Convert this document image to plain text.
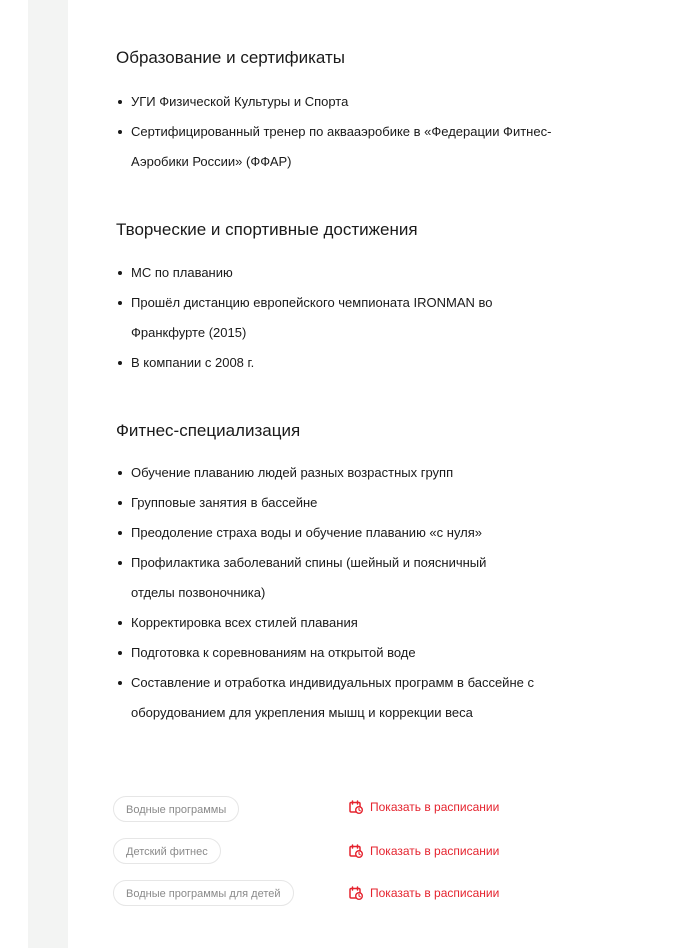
Образование и сертификаты
УГИ Физической Культуры и Спорта
Сертифицированный тренер по аквааэробике в «Федерации Фитнес-Аэробики России» (ФФАР)
Творческие и спортивные достижения
МС по плаванию
Прошёл дистанцию европейского чемпионата IRONMAN во Франкфурте (2015)
В компании с 2008 г.
Фитнес-специализация
Обучение плаванию людей разных возрастных групп
Групповые занятия в бассейне
Преодоление страха воды и обучение плаванию «с нуля»
Профилактика заболеваний спины (шейный и поясничный отделы позвоночника)
Корректировка всех стилей плавания
Подготовка к соревнованиям на открытой воде
Составление и отработка индивидуальных программ в бассейне с оборудованием для укрепления мышц и коррекции веса
Водные программы	Показать в расписании
Детский фитнес	Показать в расписании
Водные программы для детей	Показать в расписании
